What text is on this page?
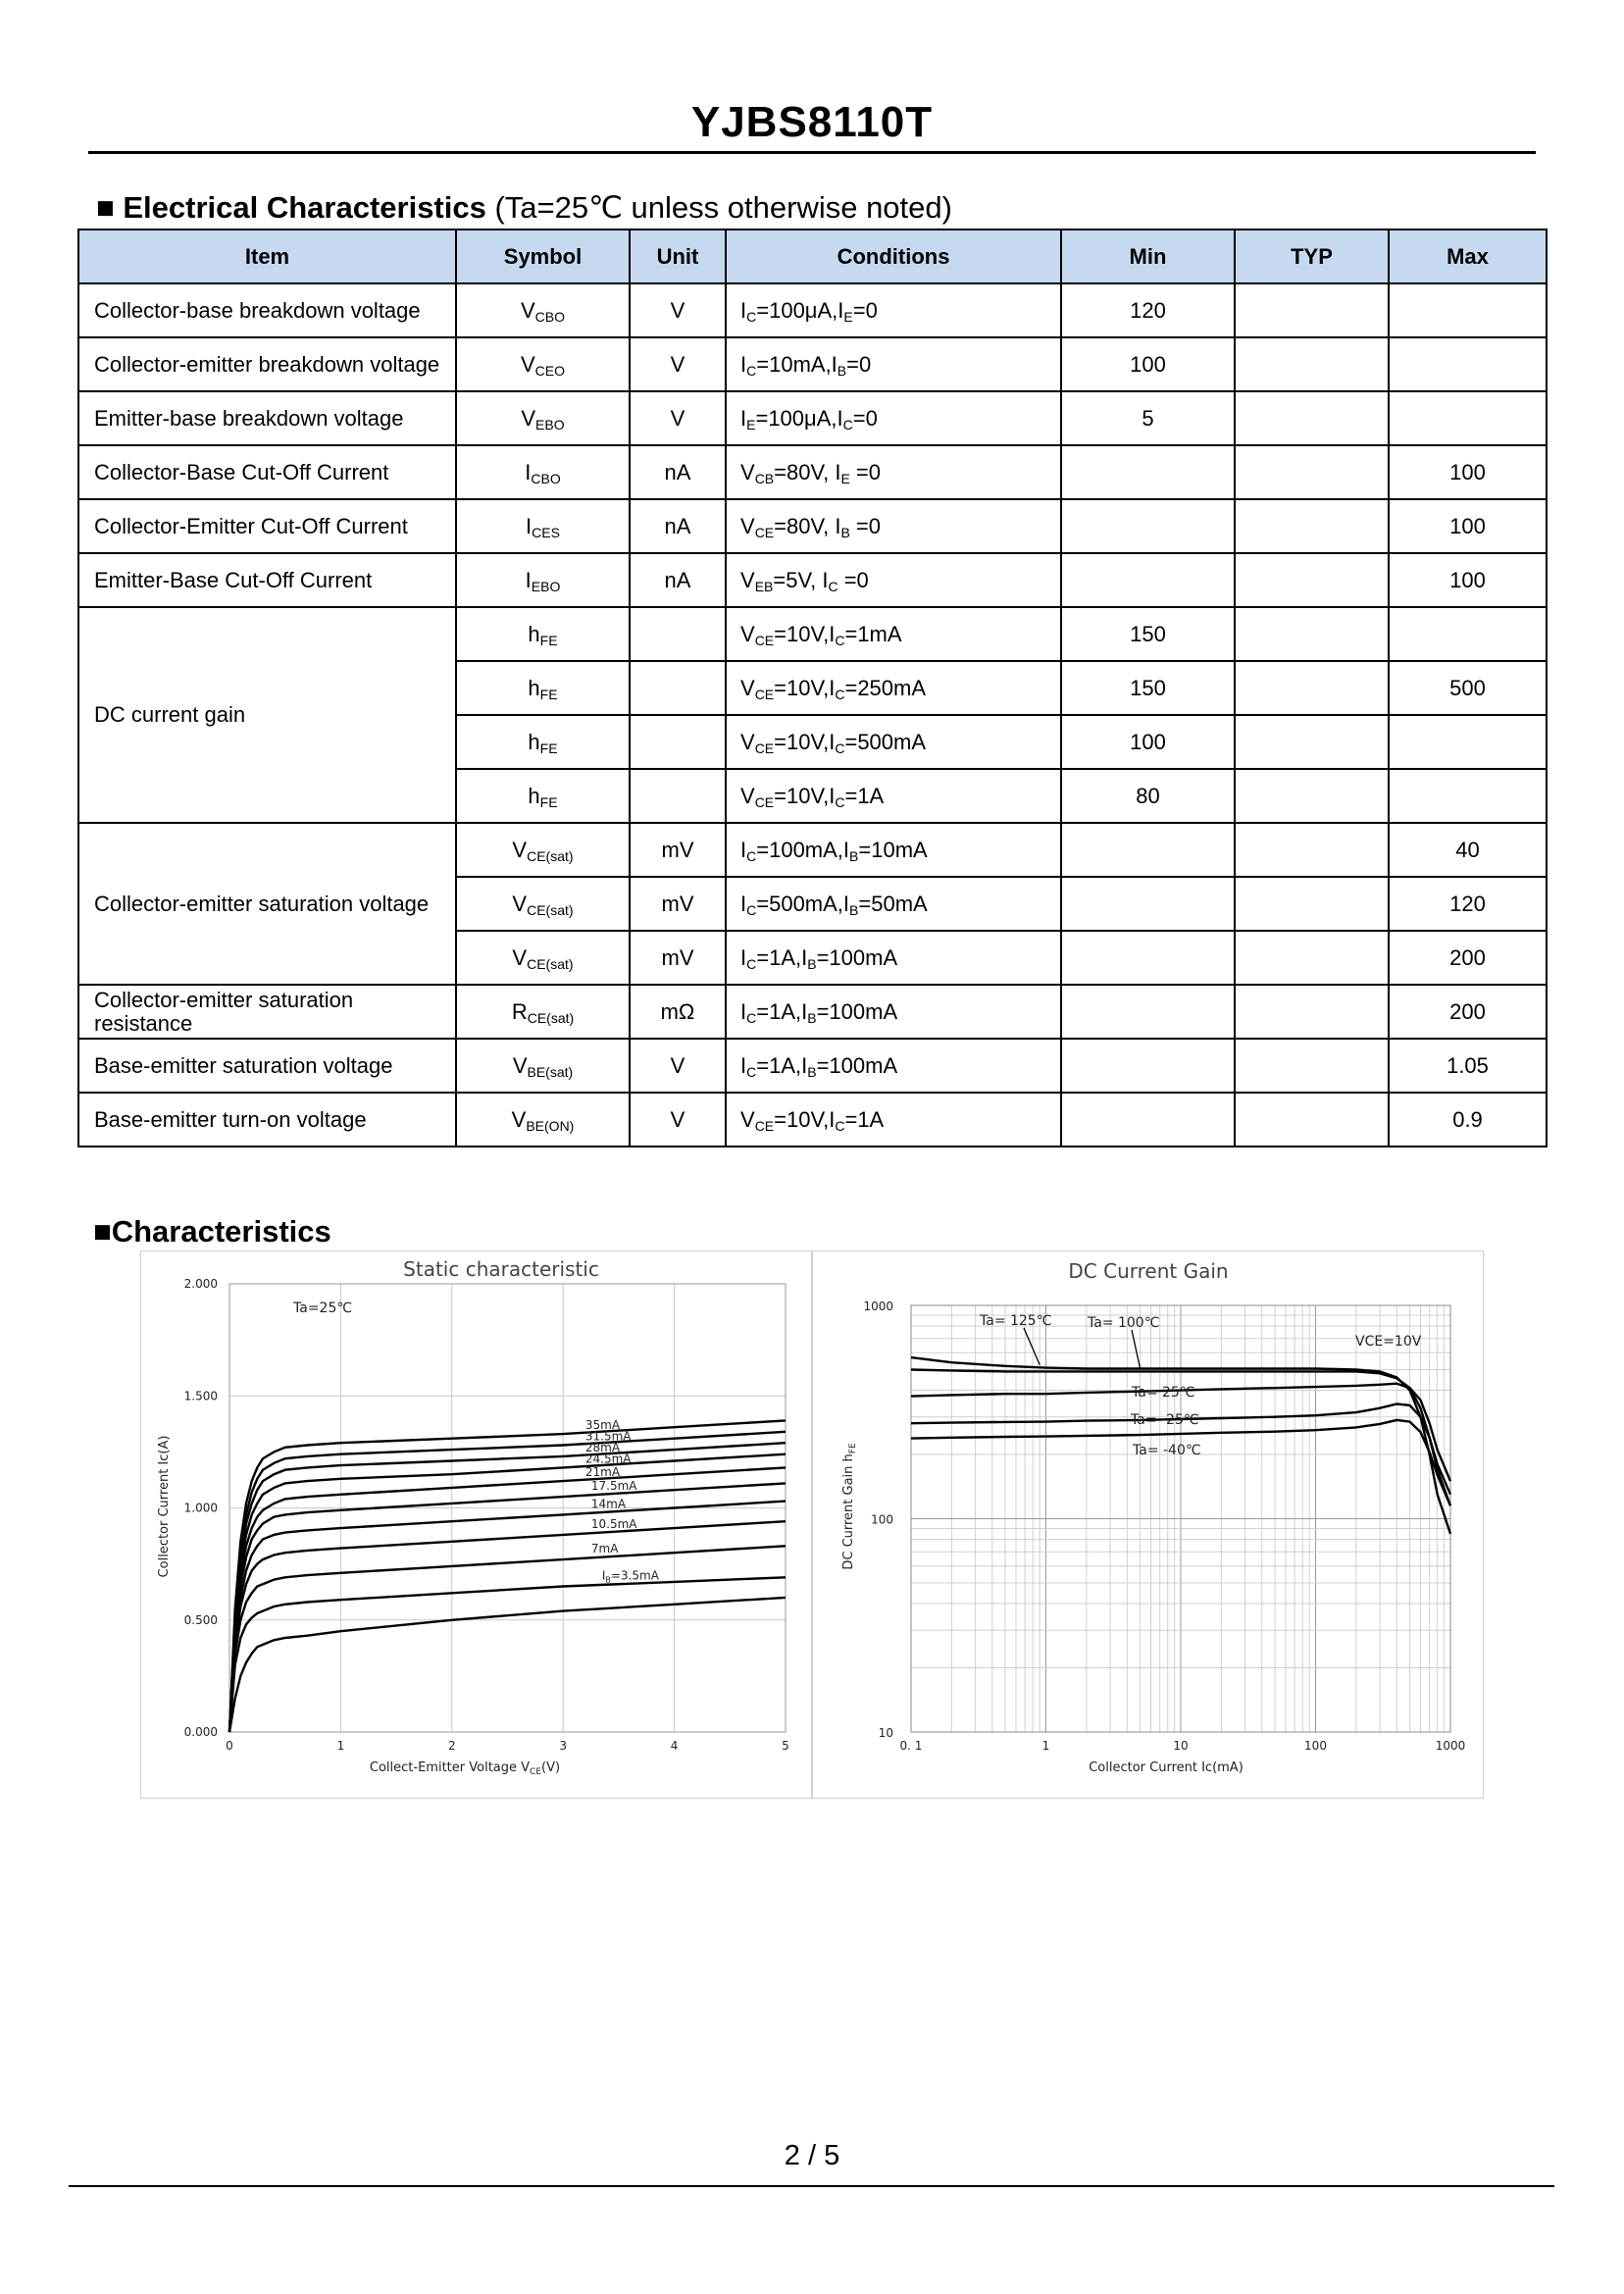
YJBS8110T
■ Electrical Characteristics (Ta=25℃ unless otherwise noted)
Item	Symbol	Unit	Conditions	Min	TYP	Max
Collector-base breakdown voltage	$V_{CBO}$	V	$I_C=100\mu A,I_E=0$	120		
Collector-emitter breakdown voltage	$V_{CEO}$	V	$I_C=10mA,I_B=0$	100		
Emitter-base breakdown voltage	$V_{EBO}$	V	$I_E=100\mu A,I_C=0$	5		
Collector-Base Cut-Off Current	$I_{CBO}$	nA	$V_{CB}=80V$, $I_E =0$			100
Collector-Emitter Cut-Off Current	$I_{CES}$	nA	$V_{CE}=80V$, $I_B =0$			100
Emitter-Base Cut-Off Current	$I_{EBO}$	nA	$V_{EB}=5V$, $I_C =0$			100
DC current gain	$h_{FE}$		$V_{CE}=10V,I_C=1mA$	150		
	$h_{FE}$		$V_{CE}=10V,I_C=250mA$	150		500
	$h_{FE}$		$V_{CE}=10V,I_C=500mA$	100		
	$h_{FE}$		$V_{CE}=10V,I_C=1A$	80		
Collector-emitter saturation voltage	$V_{CE(sat)}$	mV	$I_C=100mA,I_B=10mA$			40
	$V_{CE(sat)}$	mV	$I_C=500mA,I_B=50mA$			120
	$V_{CE(sat)}$	mV	$I_C=1A,I_B=100mA$			200
Collector-emitter saturation resistance	$R_{CE(sat)}$	mΩ	$I_C=1A,I_B=100mA$			200
Base-emitter saturation voltage	$V_{BE(sat)}$	V	$I_C=1A,I_B=100mA$			1.05
Base-emitter turn-on voltage	$V_{BE(ON)}$	V	$V_{CE}=10V,I_C=1A$			0.9
■Characteristics
Static characteristic
0	1	2	3	4	5
0.000
0.500
1.000
1.500
2.000
Collect-Emitter Voltage $V_{CE}(V)$
Collector Current Ic(A)
Ta=25℃
35mA
31.5mA
28mA
24.5mA
21mA
17.5mA
14mA
10.5mA
7mA
$I_B=3.5mA$
DC Current Gain
0. 1	1	10	100	1000
10
100
1000
Collector Current Ic(mA)
DC Current Gain $h_{FE}$
VCE=10V
Ta= 125℃	Ta= 100℃
Ta= 25℃
Ta= -25℃
Ta= -40℃
2 / 5
